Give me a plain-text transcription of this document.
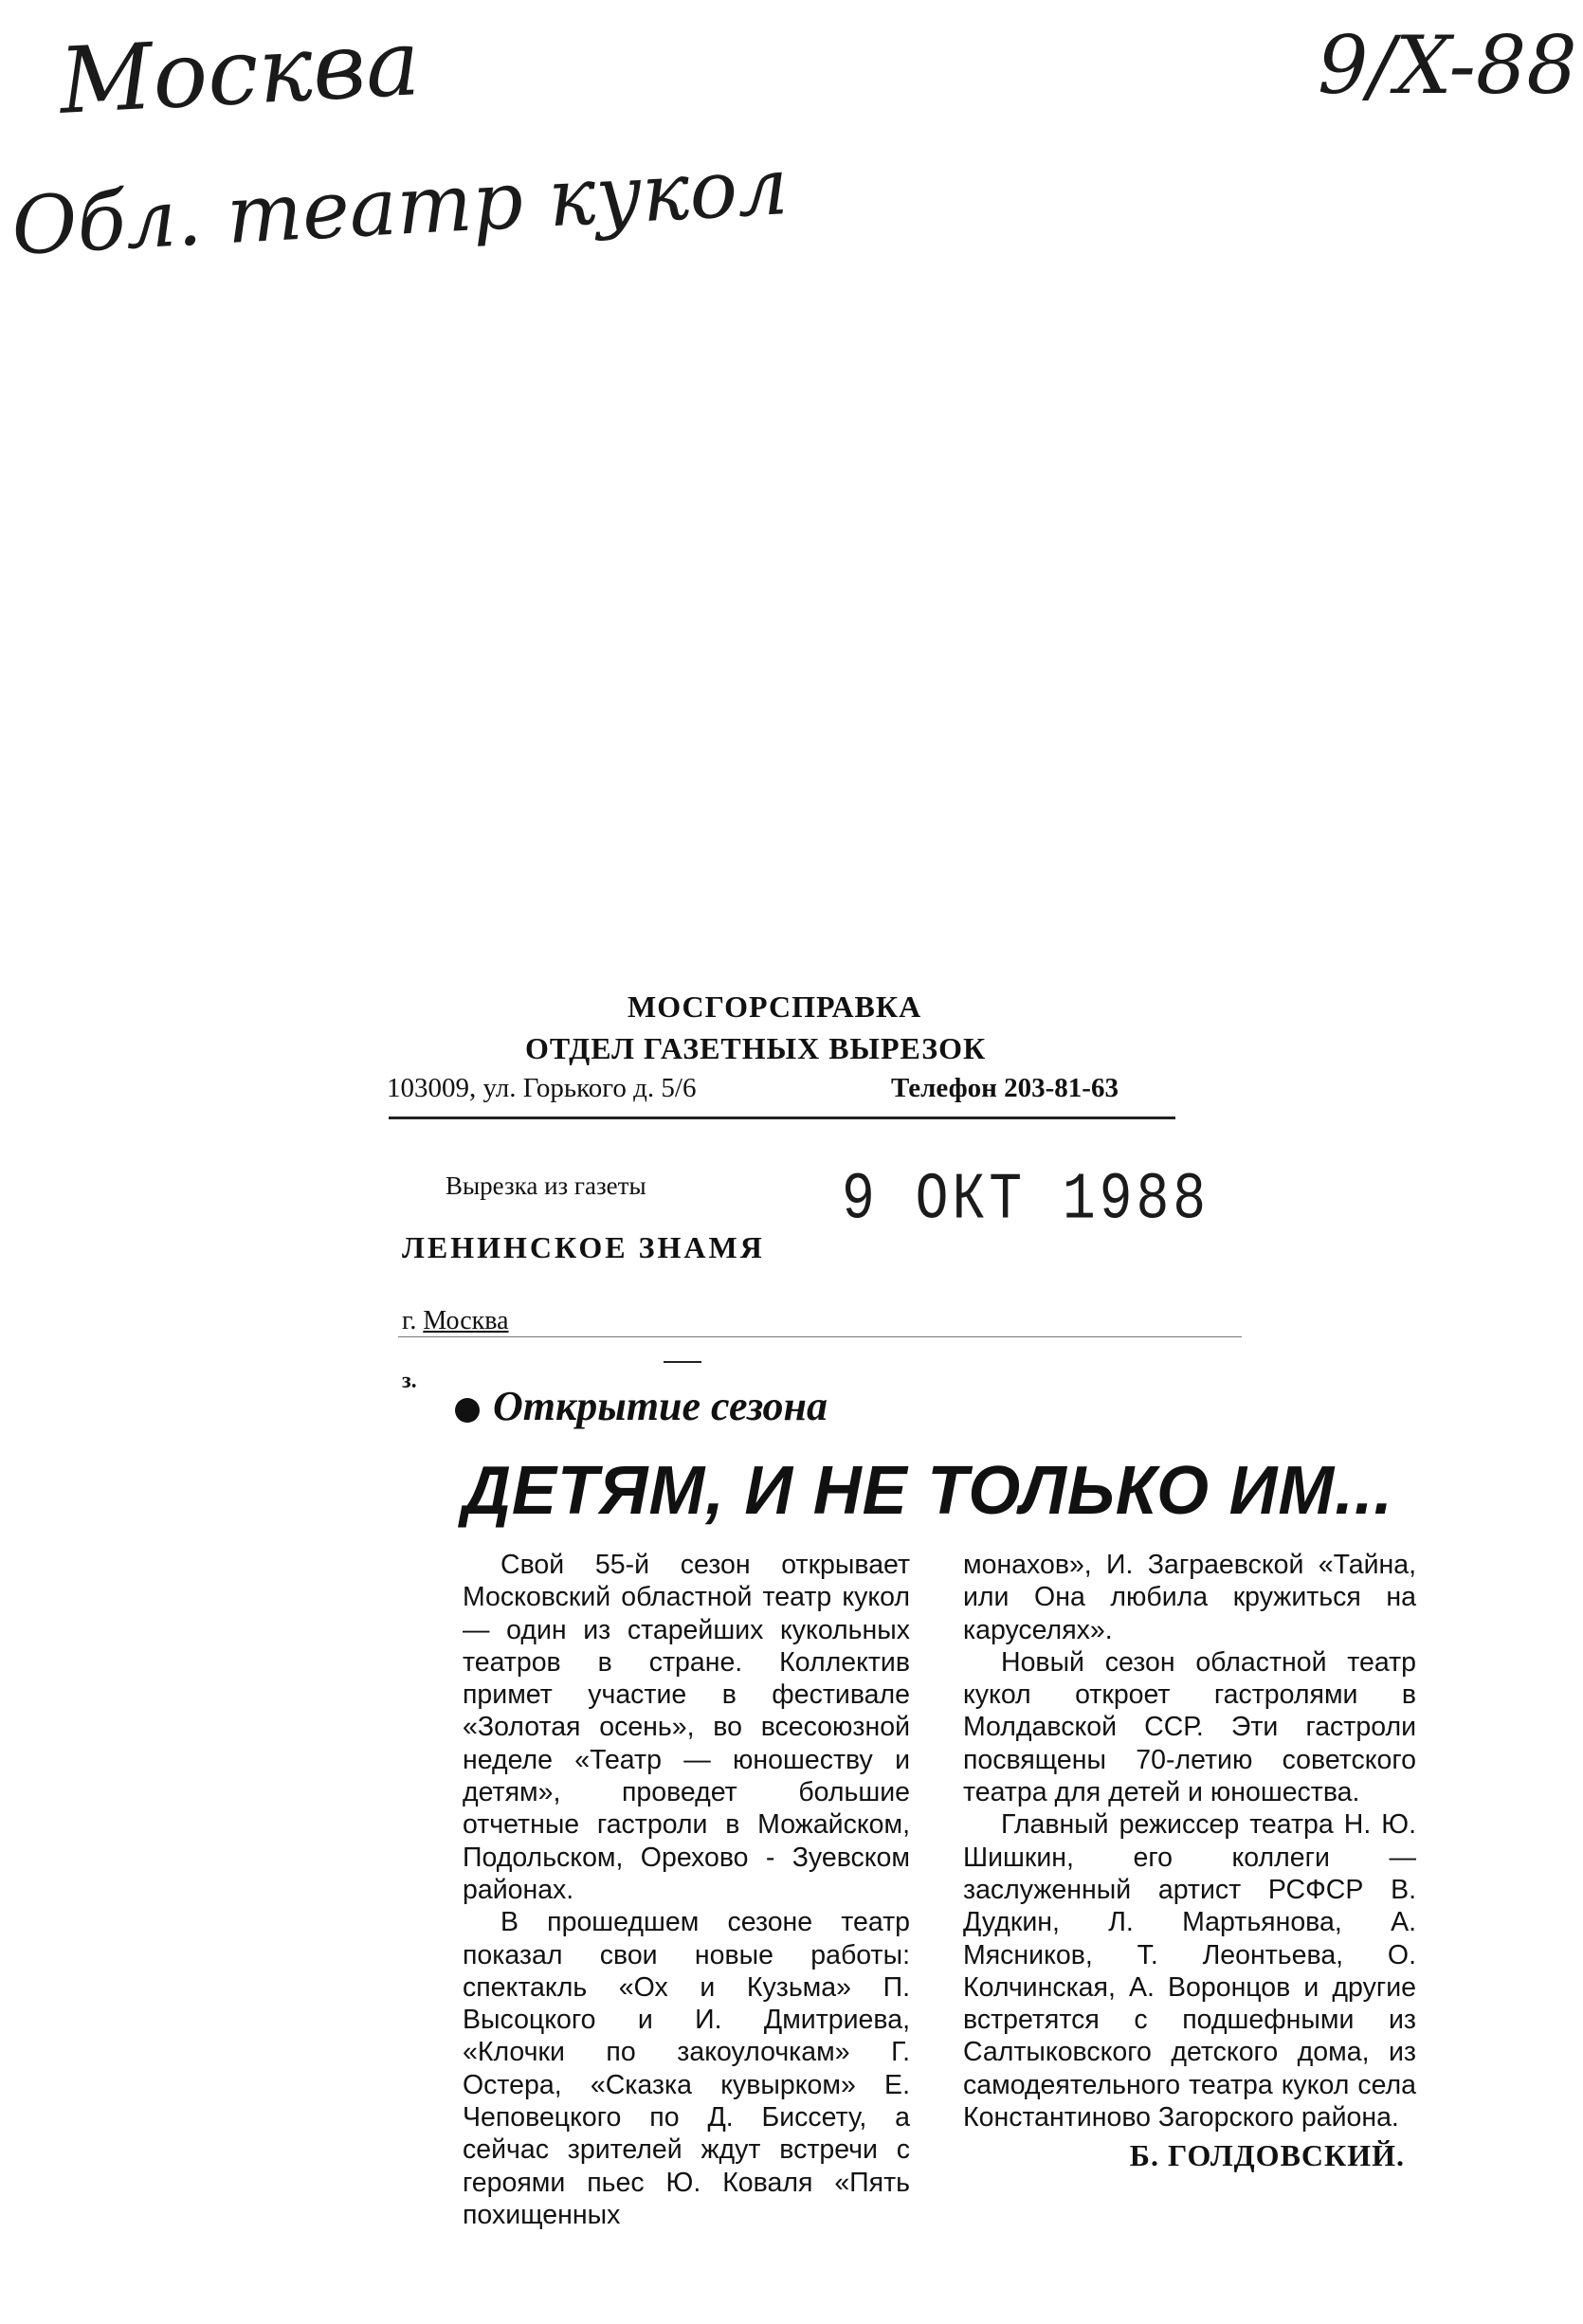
Москва
Обл. театр кукол
9/X-88
МОСГОРСПРАВКА
ОТДЕЛ ГАЗЕТНЫХ ВЫРЕЗОК
103009, ул. Горького д. 5/6	Телефон 203-81-63
Вырезка из газеты	9 ОКТ 1988
ЛЕНИНСКОЕ ЗНАМЯ
г. Москва
з.
Открытие сезона
ДЕТЯМ, И НЕ ТОЛЬКО ИМ...

Свой 55-й сезон открывает Московский областной театр кукол — один из старейших кукольных театров в стране. Коллектив примет участие в фестивале «Золотая осень», во всесоюзной неделе «Театр — юношеству и детям», проведет большие отчетные гастроли в Можайском, Подольском, Орехово - Зуевском районах.

В прошедшем сезоне театр показал свои новые работы: спектакль «Ох и Кузьма» П. Высоцкого и И. Дмитриева, «Клочки по закоулочкам» Г. Остера, «Сказка кувырком» Е. Чеповецкого по Д. Биссету, а сейчас зрителей ждут встречи с героями пьес Ю. Коваля «Пять похищенных

монахов», И. Заграевской «Тайна, или Она любила кружиться на каруселях».

Новый сезон областной театр кукол откроет гастролями в Молдавской ССР. Эти гастроли посвящены 70-летию советского театра для детей и юношества.

Главный режиссер театра Н. Ю. Шишкин, его коллеги — заслуженный артист РСФСР В. Дудкин, Л. Мартьянова, А. Мясников, Т. Леонтьева, О. Колчинская, А. Воронцов и другие встретятся с подшефными из Салтыковского детского дома, из самодеятельного театра кукол села Константиново Загорского района.

Б. ГОЛДОВСКИЙ.
